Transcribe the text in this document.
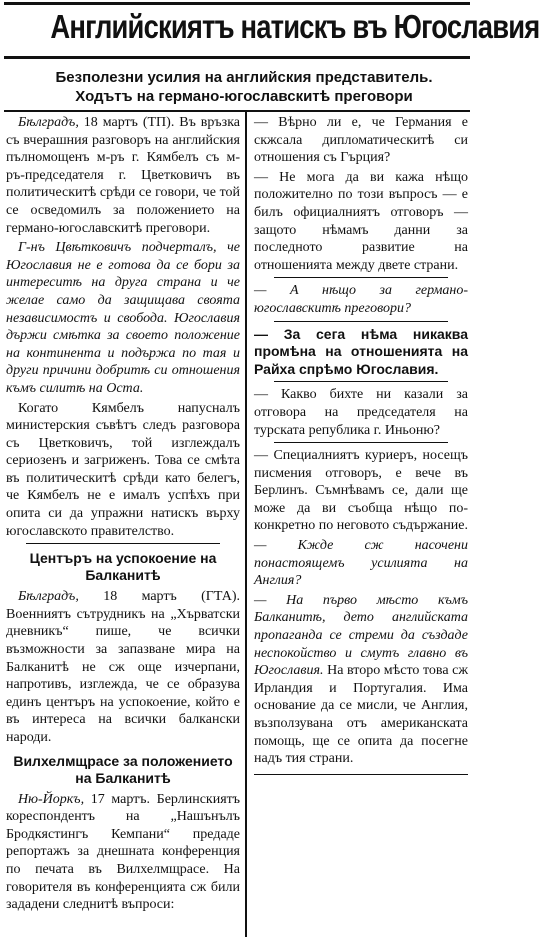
Английскиятъ натискъ въ Югославия
Безполезни усилия на английския представитель. Ходътъ на германо-югославскитѣ преговори

Бѣлградъ, 18 мартъ (ТП). Въ връзка съ вчерашния разговоръ на английския пълномощенъ м-ръ г. Кямбелъ съ м-ръ-председателя г. Цветковичъ въ политическитѣ срѣди се говори, че той се осведомилъ за положението на германо-югославскитѣ преговори.

Г-нъ Цвѣтковичъ подчерталъ, че Югославия не е готова да се бори за интереситѣ на друга страна и че желае само да защищава своята независимостъ и свобода. Югославия държи смѣтка за своето положение на континента и подържа по тая и други причини добритѣ си отношения къмъ силитѣ на Оста.

Когато Кямбелъ напусналъ министерския съвѣтъ следъ разговора съ Цветковичъ, той изглеждалъ сериозенъ и загриженъ. Това се смѣта въ политическитѣ срѣди като белегъ, че Кямбелъ не е ималъ успѣхъ при опита си да упражни натискъ върху югославското правителство.

Центъръ на успокоение на Балканитѣ

Бѣлградъ, 18 мартъ (ГТА). Военниятъ сътрудникъ на „Хърватски дневникъ“ пише, че всички възможности за запазване мира на Балканитѣ не сж още изчерпани, напротивъ, изглежда, че се образува единъ центъръ на успокоение, който е въ интереса на всички балкански народи.

Вилхелмщрасе за положението на Балканитѣ

Ню-Йоркъ, 17 мартъ. Берлинскиятъ кореспондентъ на „Нашънълъ Бродкястингъ Кемпани“ предаде репортажъ за днешната конференция по печата въ Вилхелмщрасе. На говорителя въ конференцията сж били зададени следнитѣ въпроси:

— Вѣрно ли е, че Германия е скжсала дипломатическитѣ си отношения съ Гърция?

— Не мога да ви кажа нѣщо положително по този въпросъ — е билъ официалниятъ отговоръ — защото нѣмамъ данни за последното развитие на отношенията между двете страни.

— А нѣщо за германо-югославскитѣ преговори?

— За сега нѣма никаква промѣна на отношенията на Райха спрѣмо Югославия.

— Какво бихте ни казали за отговора на председателя на турската република г. Иньоню?

— Специалниятъ куриеръ, носещъ писмения отговоръ, е вече въ Берлинъ. Съмнѣвамъ се, дали ще може да ви съобща нѣщо по-конкретно по неговото съдържание.

— Кжде сж насочени понастоящемъ усилията на Англия?

— На първо мѣсто къмъ Балканитѣ, дето английската пропаганда се стреми да създаде неспокойство и смутъ главно въ Югославия. На второ мѣсто това сж Ирландия и Португалия. Има основание да се мисли, че Англия, възползувана отъ американската помощь, ще се опита да посегне надъ тия страни.
